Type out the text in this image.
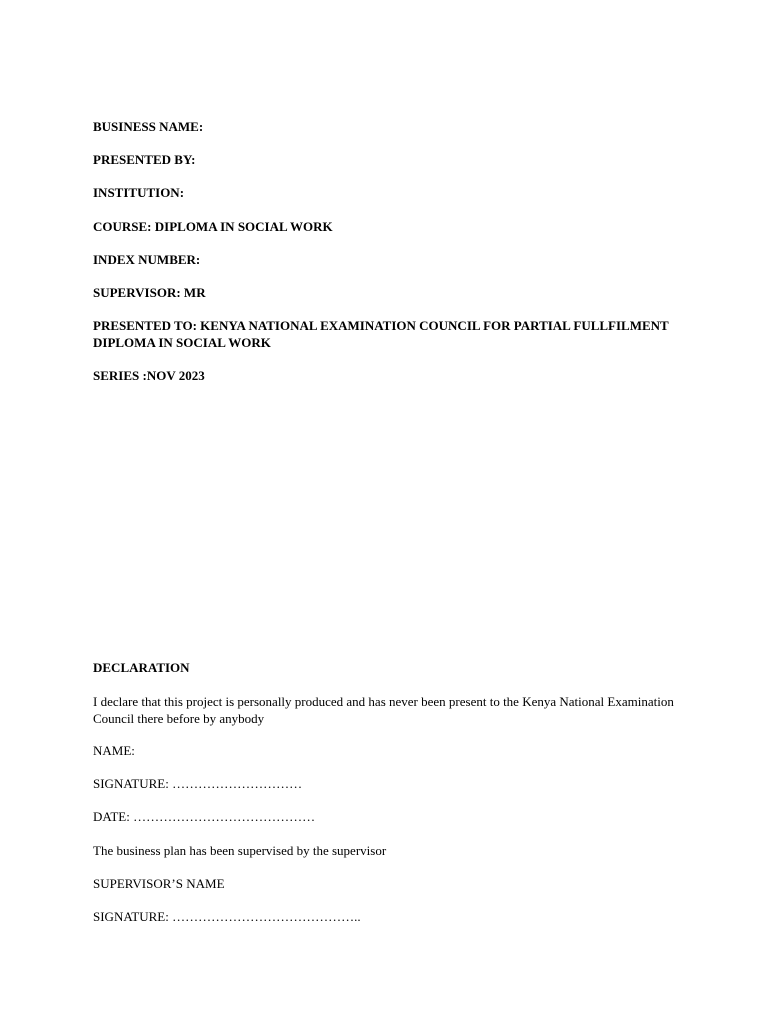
BUSINESS NAME:
PRESENTED BY:
INSTITUTION:
COURSE: DIPLOMA IN SOCIAL WORK
INDEX NUMBER:
SUPERVISOR: MR
PRESENTED TO: KENYA NATIONAL EXAMINATION COUNCIL FOR PARTIAL FULLFILMENT DIPLOMA IN SOCIAL WORK
SERIES :NOV 2023
DECLARATION
I declare that this project is personally produced and has never been present to the Kenya National Examination Council there before by anybody
NAME:
SIGNATURE: …………………………
DATE: ……………………………………
The business plan has been supervised by the supervisor
SUPERVISOR’S NAME
SIGNATURE: ……………………………………..
